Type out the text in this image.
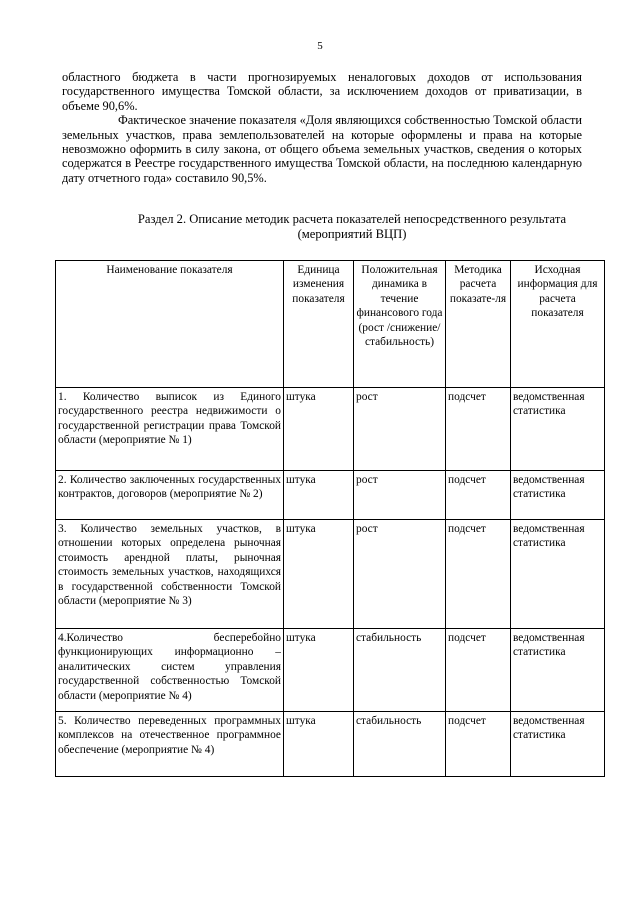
5

областного бюджета в части прогнозируемых неналоговых доходов от использования государственного имущества Томской области, за исключением доходов от приватизации, в объеме 90,6%.

Фактическое значение показателя «Доля являющихся собственностью Томской области земельных участков, права землепользователей на которые оформлены и права на которые невозможно оформить в силу закона, от общего объема земельных участков, сведения о которых содержатся в Реестре государственного имущества Томской области, на последнюю календарную дату отчетного года» составило 90,5%.

Раздел 2. Описание методик расчета показателей непосредственного результата
(мероприятий ВЦП)
Наименование показателя	Единица изменения показателя	Положительная динамика в течение финансового года (рост /снижение/ стабильность)	Методика расчета показате-ля	Исходная информация для расчета показателя
1. Количество выписок из Единого государственного реестра недвижимости о государственной регистрации права Томской области (мероприятие № 1)	штука	рост	подсчет	ведомственная статистика
2. Количество заключенных государственных контрактов, договоров (мероприятие № 2)	штука	рост	подсчет	ведомственная статистика
3. Количество земельных участков, в отношении которых определена рыночная стоимость арендной платы, рыночная стоимость земельных участков, находящихся в государственной собственности Томской области (мероприятие № 3)	штука	рост	подсчет	ведомственная статистика
4.Количество бесперебойно функционирующих информационно – аналитических систем управления государственной собственностью Томской области (мероприятие № 4)	штука	стабильность	подсчет	ведомственная статистика
5. Количество переведенных программных комплексов на отечественное программное обеспечение (мероприятие № 4)	штука	стабильность	подсчет	ведомственная статистика
